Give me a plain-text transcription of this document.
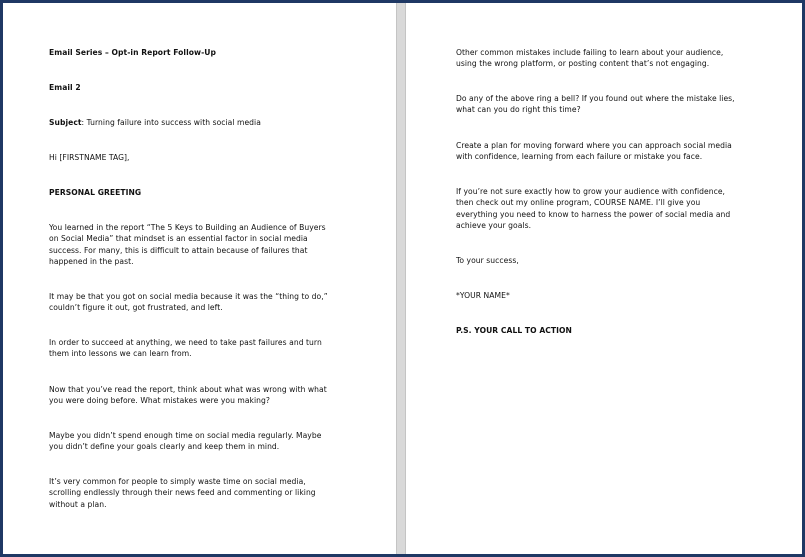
Email Series – Opt-in Report Follow-Up

Email 2

Subject: Turning failure into success with social media

Hi [FIRSTNAME TAG],

PERSONAL GREETING

You learned in the report “The 5 Keys to Building an Audience of Buyers

on Social Media” that mindset is an essential factor in social media

success. For many, this is difficult to attain because of failures that

happened in the past.

It may be that you got on social media because it was the “thing to do,”

couldn’t figure it out, got frustrated, and left.

In order to succeed at anything, we need to take past failures and turn

them into lessons we can learn from.

Now that you’ve read the report, think about what was wrong with what

you were doing before. What mistakes were you making?

Maybe you didn’t spend enough time on social media regularly. Maybe

you didn’t define your goals clearly and keep them in mind.

It’s very common for people to simply waste time on social media,

scrolling endlessly through their news feed and commenting or liking

without a plan.

Other common mistakes include failing to learn about your audience,

using the wrong platform, or posting content that’s not engaging.

Do any of the above ring a bell? If you found out where the mistake lies,

what can you do right this time?

Create a plan for moving forward where you can approach social media

with confidence, learning from each failure or mistake you face.

If you’re not sure exactly how to grow your audience with confidence,

then check out my online program, COURSE NAME. I’ll give you

everything you need to know to harness the power of social media and

achieve your goals.

To your success,

*YOUR NAME*

P.S. YOUR CALL TO ACTION
